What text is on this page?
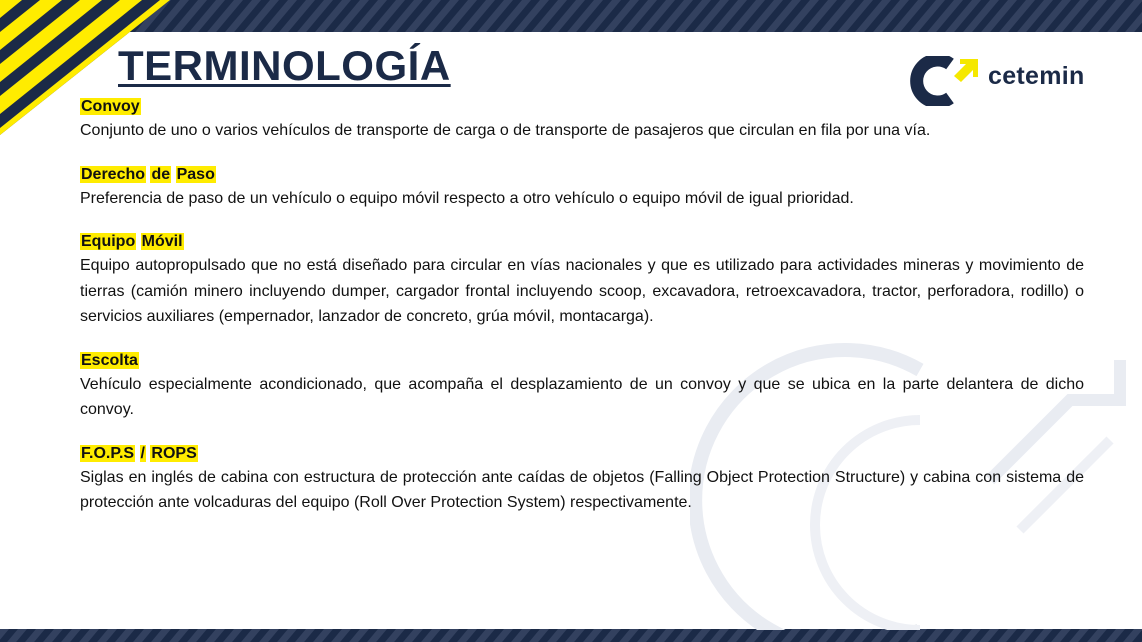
TERMINOLOGÍA	cetemin

Convoy

Conjunto de uno o varios vehículos de transporte de carga o de transporte de pasajeros que circulan en fila por una vía.

Derecho de Paso

Preferencia de paso de un vehículo o equipo móvil respecto a otro vehículo o equipo móvil de igual prioridad.

Equipo Móvil

Equipo autopropulsado que no está diseñado para circular en vías nacionales y que es utilizado para actividades mineras y movimiento de tierras (camión minero incluyendo dumper, cargador frontal incluyendo scoop, excavadora, retroexcavadora, tractor, perforadora, rodillo) o servicios auxiliares (empernador, lanzador de concreto, grúa móvil, montacarga).

Escolta

Vehículo especialmente acondicionado, que acompaña el desplazamiento de un convoy y que se ubica en la parte delantera de dicho convoy.

F.O.P.S / ROPS

Siglas en inglés de cabina con estructura de protección ante caídas de objetos (Falling Object Protection Structure) y cabina con sistema de protección ante volcaduras del equipo (Roll Over Protection System) respectivamente.
